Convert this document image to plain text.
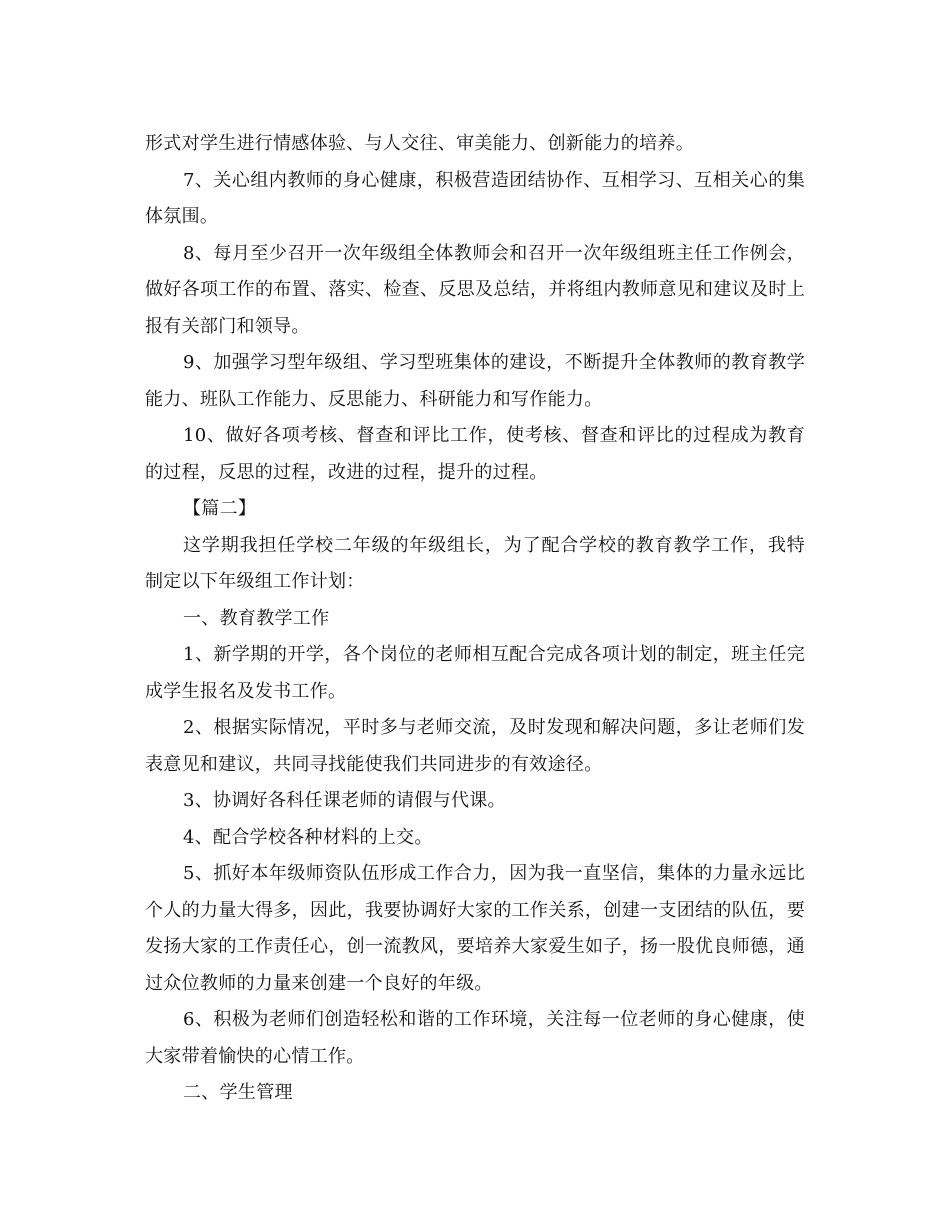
形式对学生进行情感体验、与人交往、审美能力、创新能力的培养。

7、关心组内教师的身心健康，积极营造团结协作、互相学习、互相关心的集体氛围。

8、每月至少召开一次年级组全体教师会和召开一次年级组班主任工作例会，做好各项工作的布置、落实、检查、反思及总结，并将组内教师意见和建议及时上报有关部门和领导。

9、加强学习型年级组、学习型班集体的建设，不断提升全体教师的教育教学能力、班队工作能力、反思能力、科研能力和写作能力。

10、做好各项考核、督查和评比工作，使考核、督查和评比的过程成为教育的过程，反思的过程，改进的过程，提升的过程。

【篇二】

这学期我担任学校二年级的年级组长，为了配合学校的教育教学工作，我特制定以下年级组工作计划：

一、教育教学工作

1、新学期的开学，各个岗位的老师相互配合完成各项计划的制定，班主任完成学生报名及发书工作。

2、根据实际情况，平时多与老师交流，及时发现和解决问题，多让老师们发表意见和建议，共同寻找能使我们共同进步的有效途径。

3、协调好各科任课老师的请假与代课。

4、配合学校各种材料的上交。

5、抓好本年级师资队伍形成工作合力，因为我一直坚信，集体的力量永远比个人的力量大得多，因此，我要协调好大家的工作关系，创建一支团结的队伍，要发扬大家的工作责任心，创一流教风，要培养大家爱生如子，扬一股优良师德，通过众位教师的力量来创建一个良好的年级。

6、积极为老师们创造轻松和谐的工作环境，关注每一位老师的身心健康，使大家带着愉快的心情工作。

二、学生管理
